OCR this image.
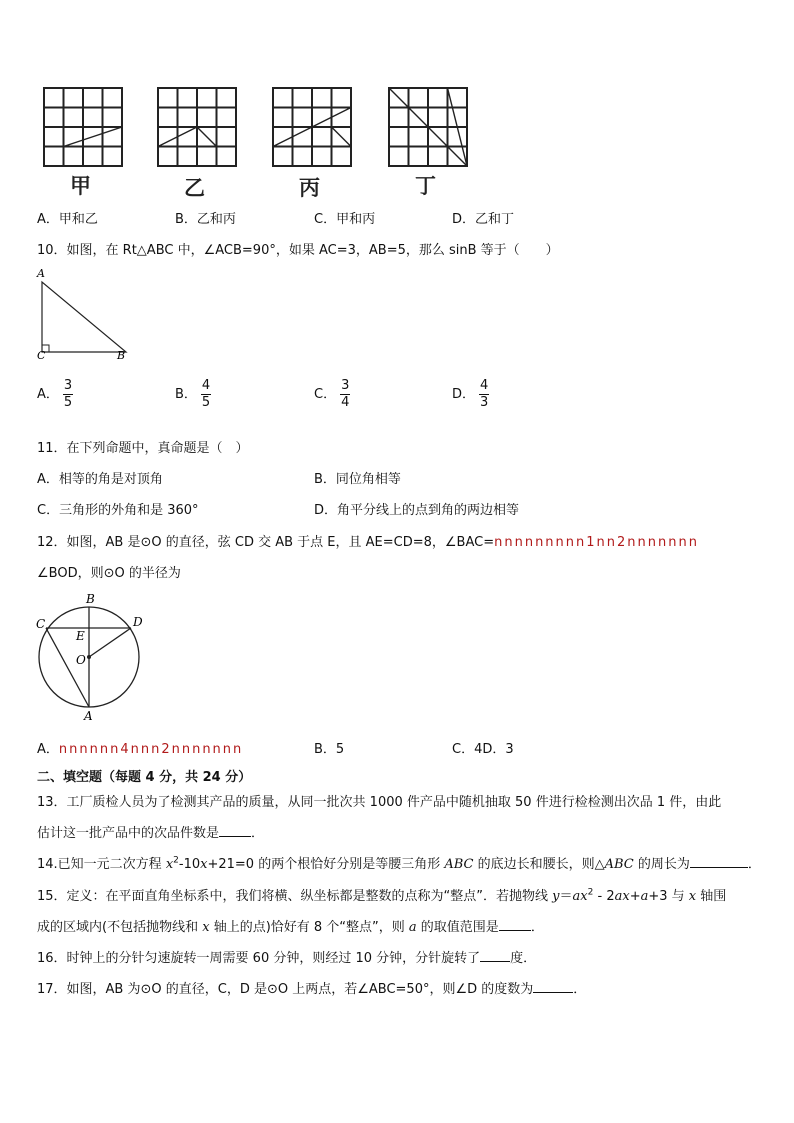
甲	乙	丙	丁
A．甲和乙	B．乙和丙	C．甲和丙	D．乙和丁
10．如图，在 Rt△ABC 中，∠ACB=90°，如果 AC=3，AB=5，那么 sinB 等于（　　）
A
C	B
A． $\frac{3}{5}$	B． $\frac{4}{5}$	C． $\frac{3}{4}$	D． $\frac{4}{3}$
11．在下列命题中，真命题是（　）
A．相等的角是对顶角	B．同位角相等
C．三角形的外角和是 360°	D．角平分线上的点到角的两边相等
12．如图，AB 是⊙O 的直径，弦 CD 交 AB 于点 E，且 AE=CD=8，∠BAC=nnnnnnnnn1nn2nnnnnnn
∠BOD，则⊙O 的半径为
B
C	D
E
O
A
A．nnnnnn4nnn2nnnnnnn	B．5	C．4D．3
二、填空题（每题 4 分，共 24 分）
13．工厂质检人员为了检测其产品的质量，从同一批次共 1000 件产品中随机抽取 50 件进行检检测出次品 1 件，由此
估计这一批产品中的次品件数是 ．
14.已知一元二次方程 $x^2-10x+21=0$ 的两个根恰好分别是等腰三角形 ABC 的底边长和腰长，则△ABC 的周长为	．
15．定义：在平面直角坐标系中，我们将横、纵坐标都是整数的点称为“整点”．若抛物线 $y=ax^2 - 2ax+a+3$ 与 x 轴围
成的区域内(不包括抛物线和 x 轴上的点)恰好有 8 个“整点”，则 a 的取值范围是 ．
16．时钟上的分针匀速旋转一周需要 60 分钟，则经过 10 分钟，分针旋转了 度．
17．如图，AB 为⊙O 的直径，C，D 是⊙O 上两点，若∠ABC=50°，则∠D 的度数为	．
